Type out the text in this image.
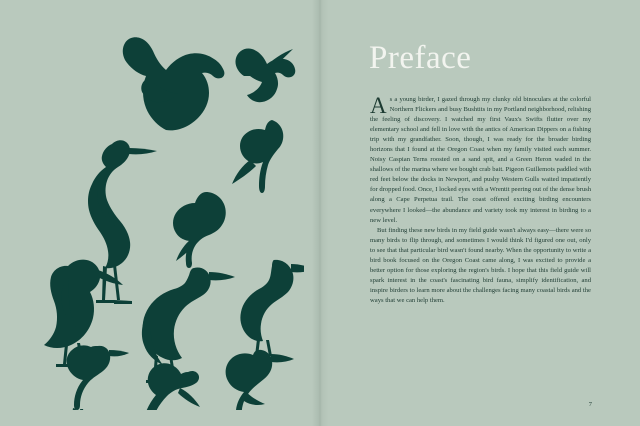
Preface

As a young birder, I gazed through my clunky old binoculars at the colorful Northern Flickers and busy Bushtits in my Portland neighborhood, relishing the feeling of discovery. I watched my first Vaux's Swifts flutter over my elementary school and fell in love with the antics of American Dippers on a fishing trip with my grandfather. Soon, though, I was ready for the broader birding horizons that I found at the Oregon Coast when my family visited each summer. Noisy Caspian Terns roosted on a sand spit, and a Green Heron waded in the shallows of the marina where we bought crab bait. Pigeon Guillemots paddled with red feet below the docks in Newport, and pushy Western Gulls waited impatiently for dropped food. Once, I locked eyes with a Wrentit peering out of the dense brush along a Cape Perpetua trail. The coast offered exciting birding encounters everywhere I looked—the abundance and variety took my interest in birding to a new level.

But finding these new birds in my field guide wasn't always easy—there were so many birds to flip through, and sometimes I would think I'd figured one out, only to see that that particular bird wasn't found nearby. When the opportunity to write a bird book focused on the Oregon Coast came along, I was excited to provide a better option for those exploring the region's birds. I hope that this field guide will spark interest in the coast's fascinating bird fauna, simplify identification, and inspire birders to learn more about the challenges facing many coastal birds and the ways that we can help them.

7
